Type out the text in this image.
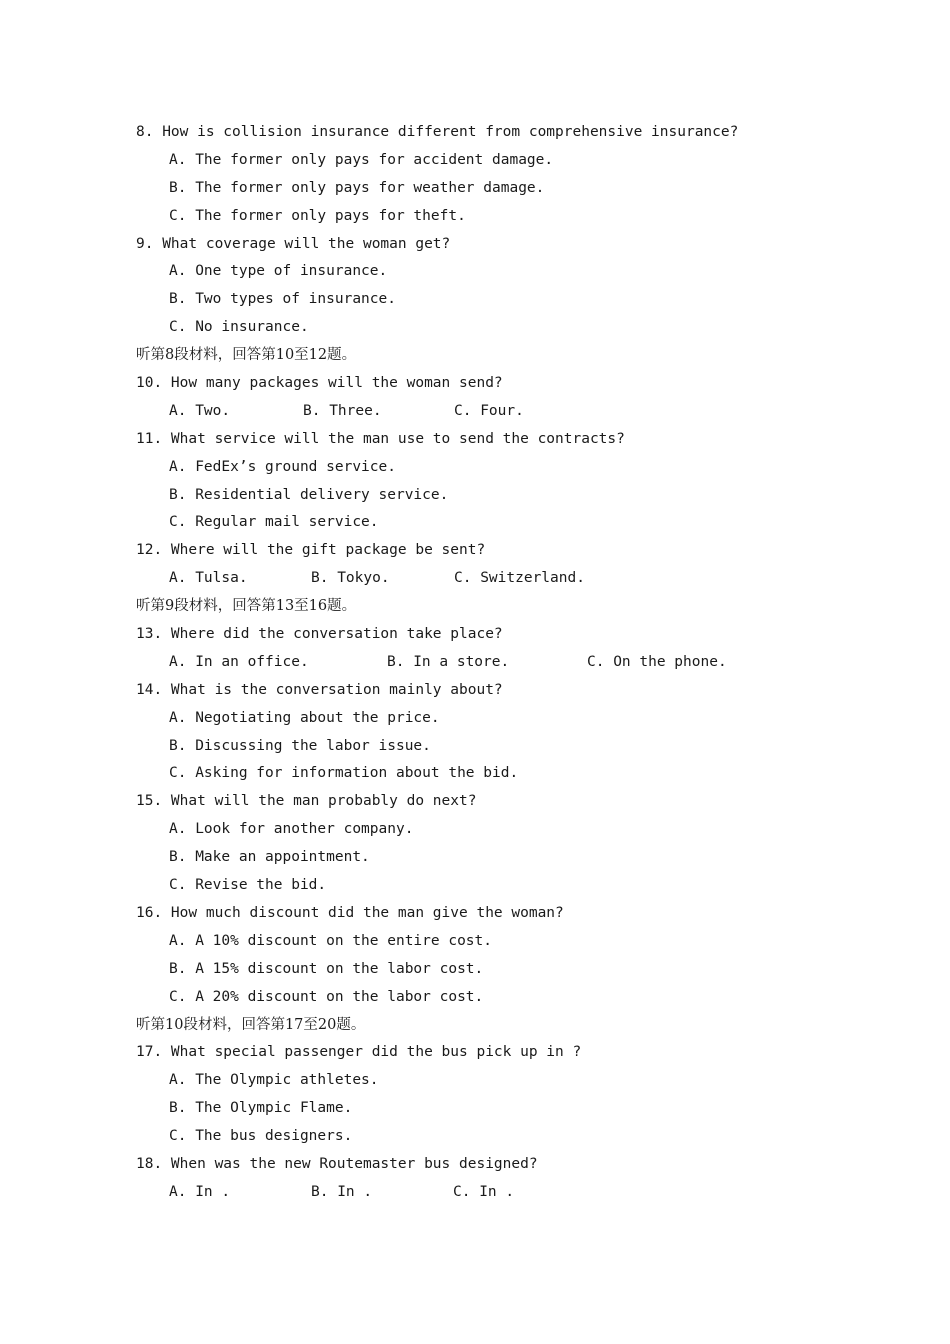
8. How is collision insurance different from comprehensive insurance?
A. The former only pays for accident damage.
B. The former only pays for weather damage.
C. The former only pays for theft.
9. What coverage will the woman get?
A. One type of insurance.
B. Two types of insurance.
C. No insurance.
听第8段材料，回答第10至12题。
10. How many packages will the woman send?
A. Two.	B. Three.	C. Four.
11. What service will the man use to send the contracts?
A. FedEx’s ground service.
B. Residential delivery service.
C. Regular mail service.
12. Where will the gift package be sent?
A. Tulsa.	B. Tokyo.	C. Switzerland.
听第9段材料，回答第13至16题。
13. Where did the conversation take place?
A. In an office.	B. In a store.	C. On the phone.
14. What is the conversation mainly about?
A. Negotiating about the price.
B. Discussing the labor issue.
C. Asking for information about the bid.
15. What will the man probably do next?
A. Look for another company.
B. Make an appointment.
C. Revise the bid.
16. How much discount did the man give the woman?
A. A 10% discount on the entire cost.
B. A 15% discount on the labor cost.
C. A 20% discount on the labor cost.
听第10段材料，回答第17至20题。
17. What special passenger did the bus pick up in ?
A. The Olympic athletes.
B. The Olympic Flame.
C. The bus designers.
18. When was the new Routemaster bus designed?
A. In .	B. In .	C. In .
